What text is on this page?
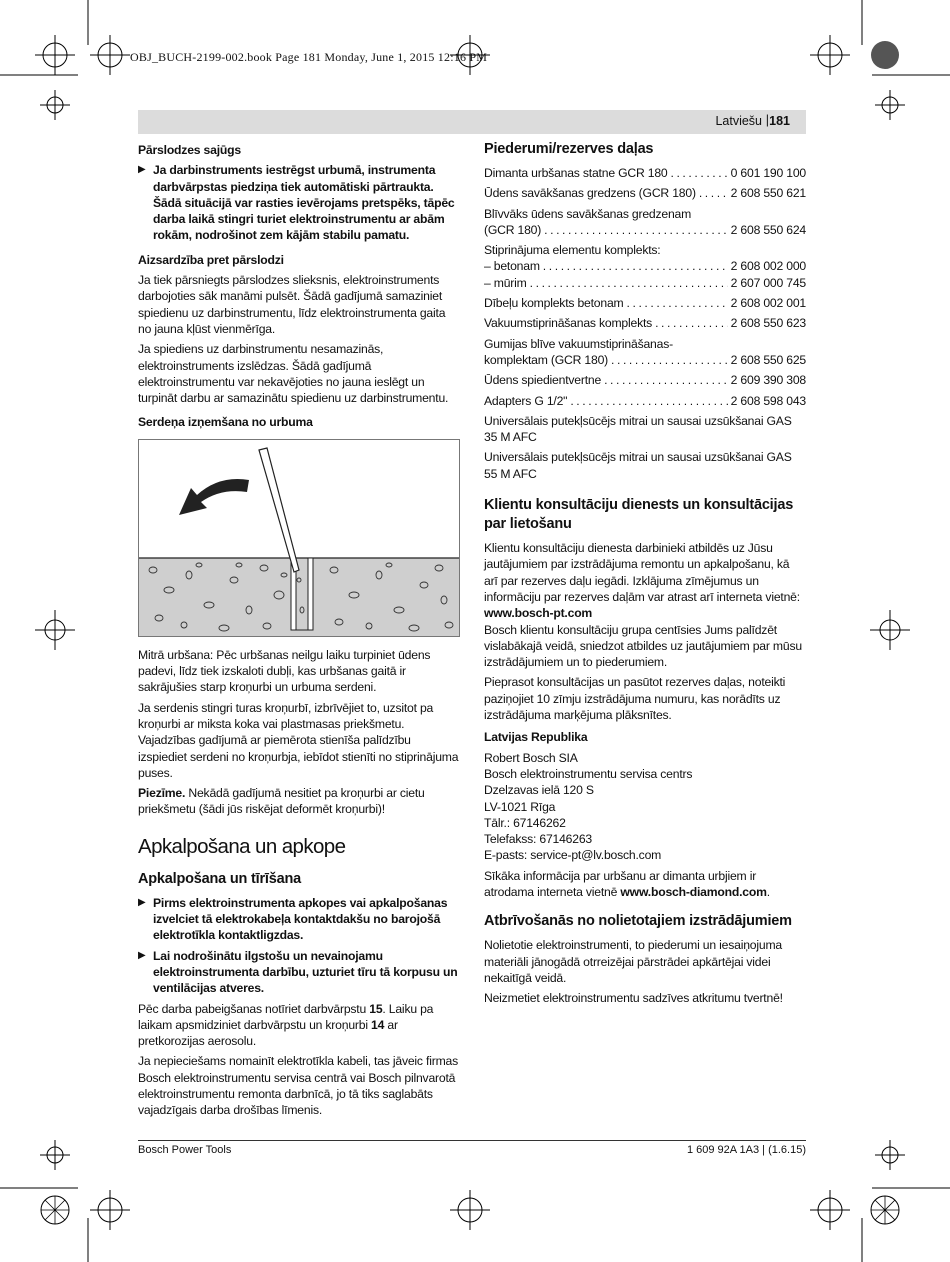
OBJ_BUCH-2199-002.book Page 181 Monday, June 1, 2015 12:16 PM
Latviešu | 181
Pārslodzes sajūgs
▶ Ja darbinstruments iestrēgst urbumā, instrumenta darbvārpstas piedziņa tiek automātiski pārtraukta. Šādā situācijā var rasties ievērojams pretspēks, tāpēc darba laikā stingri turiet elektroinstrumentu ar abām rokām, nodrošinot zem kājām stabilu pamatu.
Aizsardzība pret pārslodzi

Ja tiek pārsniegts pārslodzes slieksnis, elektroinstruments darbojoties sāk manāmi pulsēt. Šādā gadījumā samaziniet spiedienu uz darbinstrumentu, līdz elektroinstrumenta gaita no jauna kļūst vienmērīga.

Ja spiediens uz darbinstrumentu nesamazinās, elektroinstruments izslēdzas. Šādā gadījumā elektroinstrumentu var nekavējoties no jauna ieslēgt un turpināt darbu ar samazinātu spiedienu uz darbinstrumentu.

Serdeņa izņemšana no urbuma

Mitrā urbšana: Pēc urbšanas neilgu laiku turpiniet ūdens padevi, līdz tiek izskaloti dubļi, kas urbšanas gaitā ir sakrājušies starp kroņurbi un urbuma serdeni.

Ja serdenis stingri turas kroņurbī, izbrīvējiet to, uzsitot pa kroņurbi ar miksta koka vai plastmasas priekšmetu. Vajadzības gadījumā ar piemērota stienīša palīdzību izspiediet serdeni no kroņurbja, iebīdot stienīti no stiprinājuma puses.

Piezīme. Nekādā gadījumā nesitiet pa kroņurbi ar cietu priekšmetu (šādi jūs riskējat deformēt kroņurbi)!

Apkalpošana un apkope
Apkalpošana un tīrīšana
▶ Pirms elektroinstrumenta apkopes vai apkalpošanas izvelciet tā elektrokabeļa kontaktdakšu no barojošā elektrotīkla kontaktligzdas.
▶ Lai nodrošinātu ilgstošu un nevainojamu elektroinstrumenta darbību, uzturiet tīru tā korpusu un ventilācijas atveres.

Pēc darba pabeigšanas notīriet darbvārpstu 15. Laiku pa laikam apsmidziniet darbvārpstu un kroņurbi 14 ar pretkorozijas aerosolu.

Ja nepieciešams nomainīt elektrotīkla kabeli, tas jāveic firmas Bosch elektroinstrumentu servisa centrā vai Bosch pilnvarotā elektroinstrumentu remonta darbnīcā, jo tā tiks saglabāts vajadzīgais darba drošības līmenis.

Piederumi/rezerves daļas
Dimanta urbšanas statne GCR 180 . . .	0 601 190 100
Ūdens savākšanas gredzens (GCR 180) . . .	2 608 550 621
Blīvvāks ūdens savākšanas gredzenam
(GCR 180) . . .	2 608 550 624
Stiprinājuma elementu komplekts:
– betonam . . .	2 608 002 000
– mūrim . . .	2 607 000 745
Dībeļu komplekts betonam . . .	2 608 002 001
Vakuumstiprināšanas komplekts . . .	2 608 550 623
Gumijas blīve vakuumstiprināšanas-
komplektam (GCR 180) . . .	2 608 550 625
Ūdens spiedientvertne . . .	2 609 390 308
Adapters G 1/2" . . .	2 608 598 043
Universālais putekļsūcējs mitrai un sausai uzsūkšanai GAS 35 M AFC
Universālais putekļsūcējs mitrai un sausai uzsūkšanai GAS 55 M AFC
Klientu konsultāciju dienests un konsultācijas par lietošanu

Klientu konsultāciju dienesta darbinieki atbildēs uz Jūsu jautājumiem par izstrādājuma remontu un apkalpošanu, kā arī par rezerves daļu iegādi. Izklājuma zīmējumus un informāciju par rezerves daļām var atrast arī interneta vietnē:

www.bosch-pt.com

Bosch klientu konsultāciju grupa centīsies Jums palīdzēt vislabākajā veidā, sniedzot atbildes uz jautājumiem par mūsu izstrādājumiem un to piederumiem.

Pieprasot konsultācijas un pasūtot rezerves daļas, noteikti paziņojiet 10 zīmju izstrādājuma numuru, kas norādīts uz izstrādājuma marķējuma plāksnītes.

Latvijas Republika
Robert Bosch SIA
Bosch elektroinstrumentu servisa centrs
Dzelzavas ielā 120 S
LV-1021 Rīga
Tālr.: 67146262
Telefakss: 67146263
E-pasts: service-pt@lv.bosch.com

Sīkāka informācija par urbšanu ar dimanta urbjiem ir atrodama interneta vietnē www.bosch-diamond.com.

Atbrīvošanās no nolietotajiem izstrādājumiem

Nolietotie elektroinstrumenti, to piederumi un iesaiņojuma materiāli jānogādā otrreizējai pārstrādei apkārtējai videi nekaitīgā veidā.

Neizmetiet elektroinstrumentu sadzīves atkritumu tvertnē!

Bosch Power Tools	1 609 92A 1A3 | (1.6.15)
